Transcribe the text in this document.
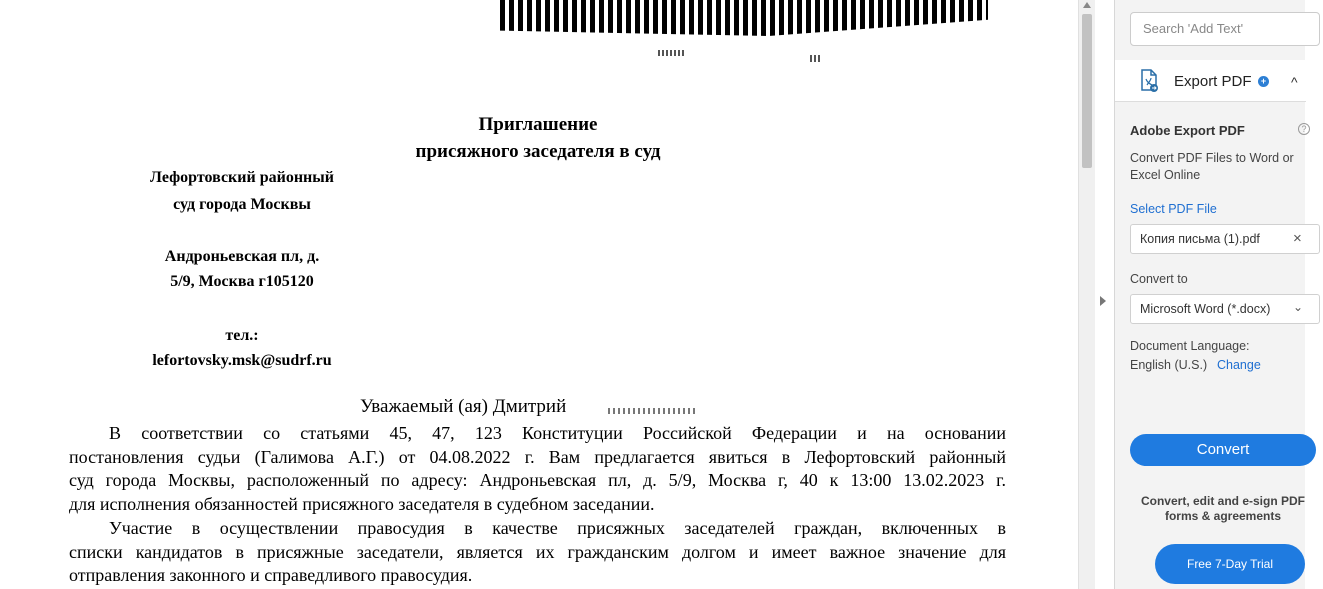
Приглашение
присяжного заседателя в суд
Лефортовский районный
суд города Москвы
Андроньевская пл, д.
5/9, Москва г105120
тел.:
lefortovsky.msk@sudrf.ru
Уважаемый (ая) Дмитрий
В соответствии со статьями 45, 47, 123 Конституции Российской Федерации и на основании
постановления судьи (Галимова А.Г.) от 04.08.2022 г. Вам предлагается явиться в Лефортовский районный
суд города Москвы, расположенный по адресу: Андроньевская пл, д. 5/9, Москва г, 40 к 13:00 13.02.2023 г.
для исполнения обязанностей присяжного заседателя в судебном заседании.
Участие в осуществлении правосудия в качестве присяжных заседателей граждан, включенных в
списки кандидатов в присяжные заседатели, является их гражданским долгом и имеет важное значение для
отправления законного и справедливого правосудия.
Search 'Add Text'
Export PDF	+ ^
Adobe Export PDF	?
Convert PDF Files to Word or Excel Online
Select PDF File
Копия письма (1).pdf	×
Convert to
Microsoft Word (*.docx)	⌄
Document Language:
English (U.S.) Change
Convert
Convert, edit and e-sign PDF forms & agreements
Free 7-Day Trial
